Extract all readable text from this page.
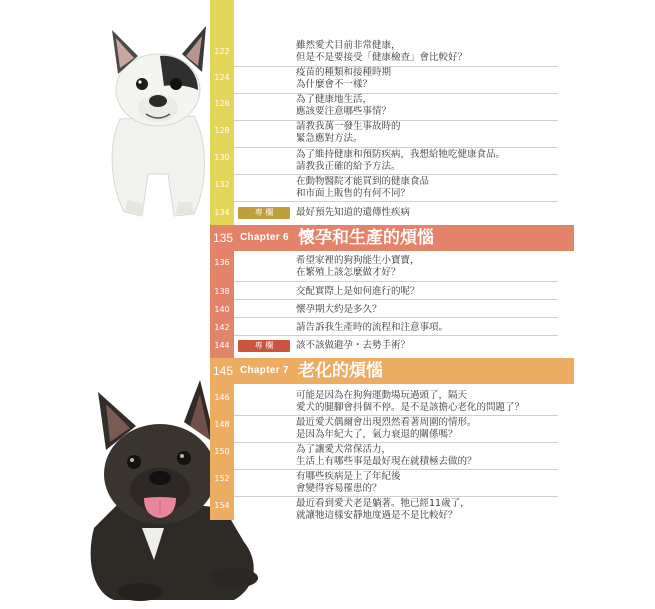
122
雖然愛犬目前非常健康，
但是不是要接受「健康檢查」會比較好？
124	疫苗的種類和接種時期
為什麼會不一樣？
126	為了健康地生活，
應該要注意哪些事情？
128	請教我萬一發生事故時的
緊急應對方法。
130	為了維持健康和預防疾病，我想給牠吃健康食品。
請教我正確的給予方法。
132	在動物醫院才能買到的健康食品
和市面上販售的有何不同？
134	專 欄	最好預先知道的遺傳性疾病
135 Chapter 6 懷孕和生產的煩惱
136	希望家裡的狗狗能生小寶寶，
在繁殖上該怎麼做才好？
138	交配實際上是如何進行的呢？
140	懷孕期大約是多久？
142	請告訴我生產時的流程和注意事項。
144	專 欄	該不該做避孕・去勢手術？
145 Chapter 7 老化的煩惱
146	可能是因為在狗狗運動場玩過頭了，隔天
愛犬的腿腳會抖個不停。是不是該擔心老化的問題了？
148	最近愛犬偶爾會出現烈然看著周圍的情形。
是因為年紀大了，氣力衰退的關係嗎？
150	為了讓愛犬常保活力，
生活上有哪些事是最好現在就積極去做的？
152	有哪些疾病是上了年紀後
會變得容易罹患的？
154	最近看到愛犬老是躺著。牠已經11歲了，
就讓牠這樣安靜地度過是不是比較好？
